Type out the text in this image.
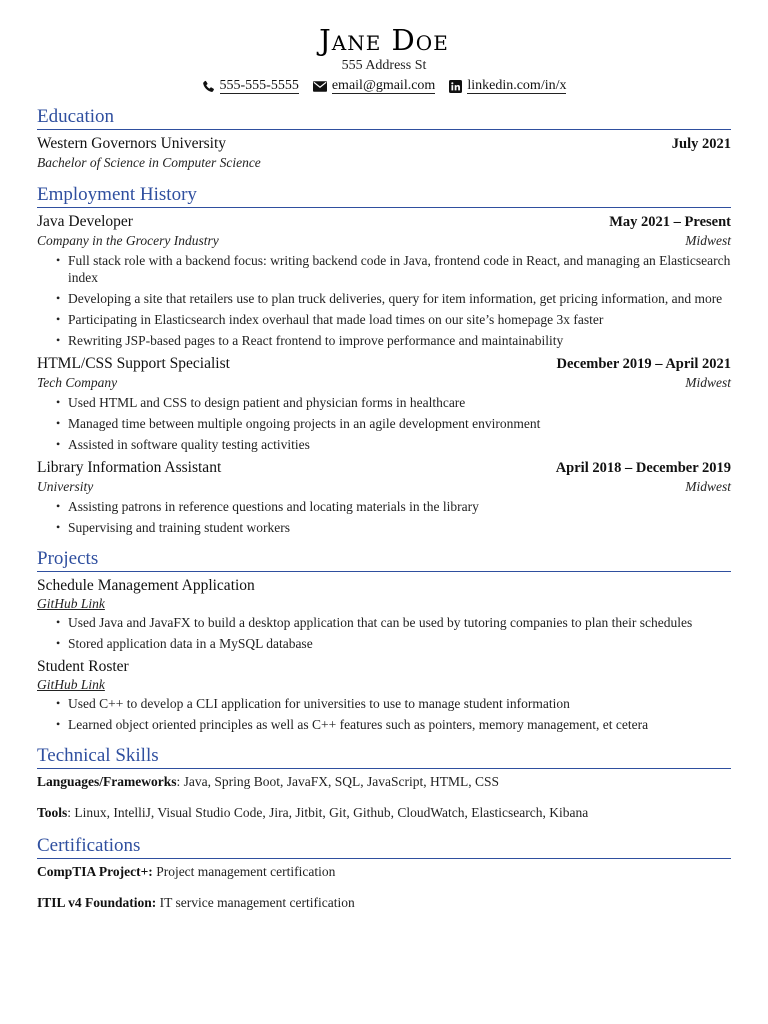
Jane Doe
555 Address St
555-555-5555 email@gmail.com linkedin.com/in/x
Education
Western Governors University	July 2021
Bachelor of Science in Computer Science
Employment History
Java Developer	May 2021 – Present
Company in the Grocery Industry	Midwest
• Full stack role with a backend focus: writing backend code in Java, frontend code in React, and managing an Elasticsearch index
• Developing a site that retailers use to plan truck deliveries, query for item information, get pricing information, and more
• Participating in Elasticsearch index overhaul that made load times on our site’s homepage 3x faster
• Rewriting JSP-based pages to a React frontend to improve performance and maintainability
HTML/CSS Support Specialist	December 2019 – April 2021
Tech Company	Midwest
• Used HTML and CSS to design patient and physician forms in healthcare
• Managed time between multiple ongoing projects in an agile development environment
• Assisted in software quality testing activities
Library Information Assistant	April 2018 – December 2019
University	Midwest
• Assisting patrons in reference questions and locating materials in the library
• Supervising and training student workers
Projects
Schedule Management Application
GitHub Link
• Used Java and JavaFX to build a desktop application that can be used by tutoring companies to plan their schedules
• Stored application data in a MySQL database
Student Roster
GitHub Link
• Used C++ to develop a CLI application for universities to use to manage student information
• Learned object oriented principles as well as C++ features such as pointers, memory management, et cetera
Technical Skills
Languages/Frameworks: Java, Spring Boot, JavaFX, SQL, JavaScript, HTML, CSS
Tools: Linux, IntelliJ, Visual Studio Code, Jira, Jitbit, Git, Github, CloudWatch, Elasticsearch, Kibana
Certifications
CompTIA Project+: Project management certification
ITIL v4 Foundation: IT service management certification
